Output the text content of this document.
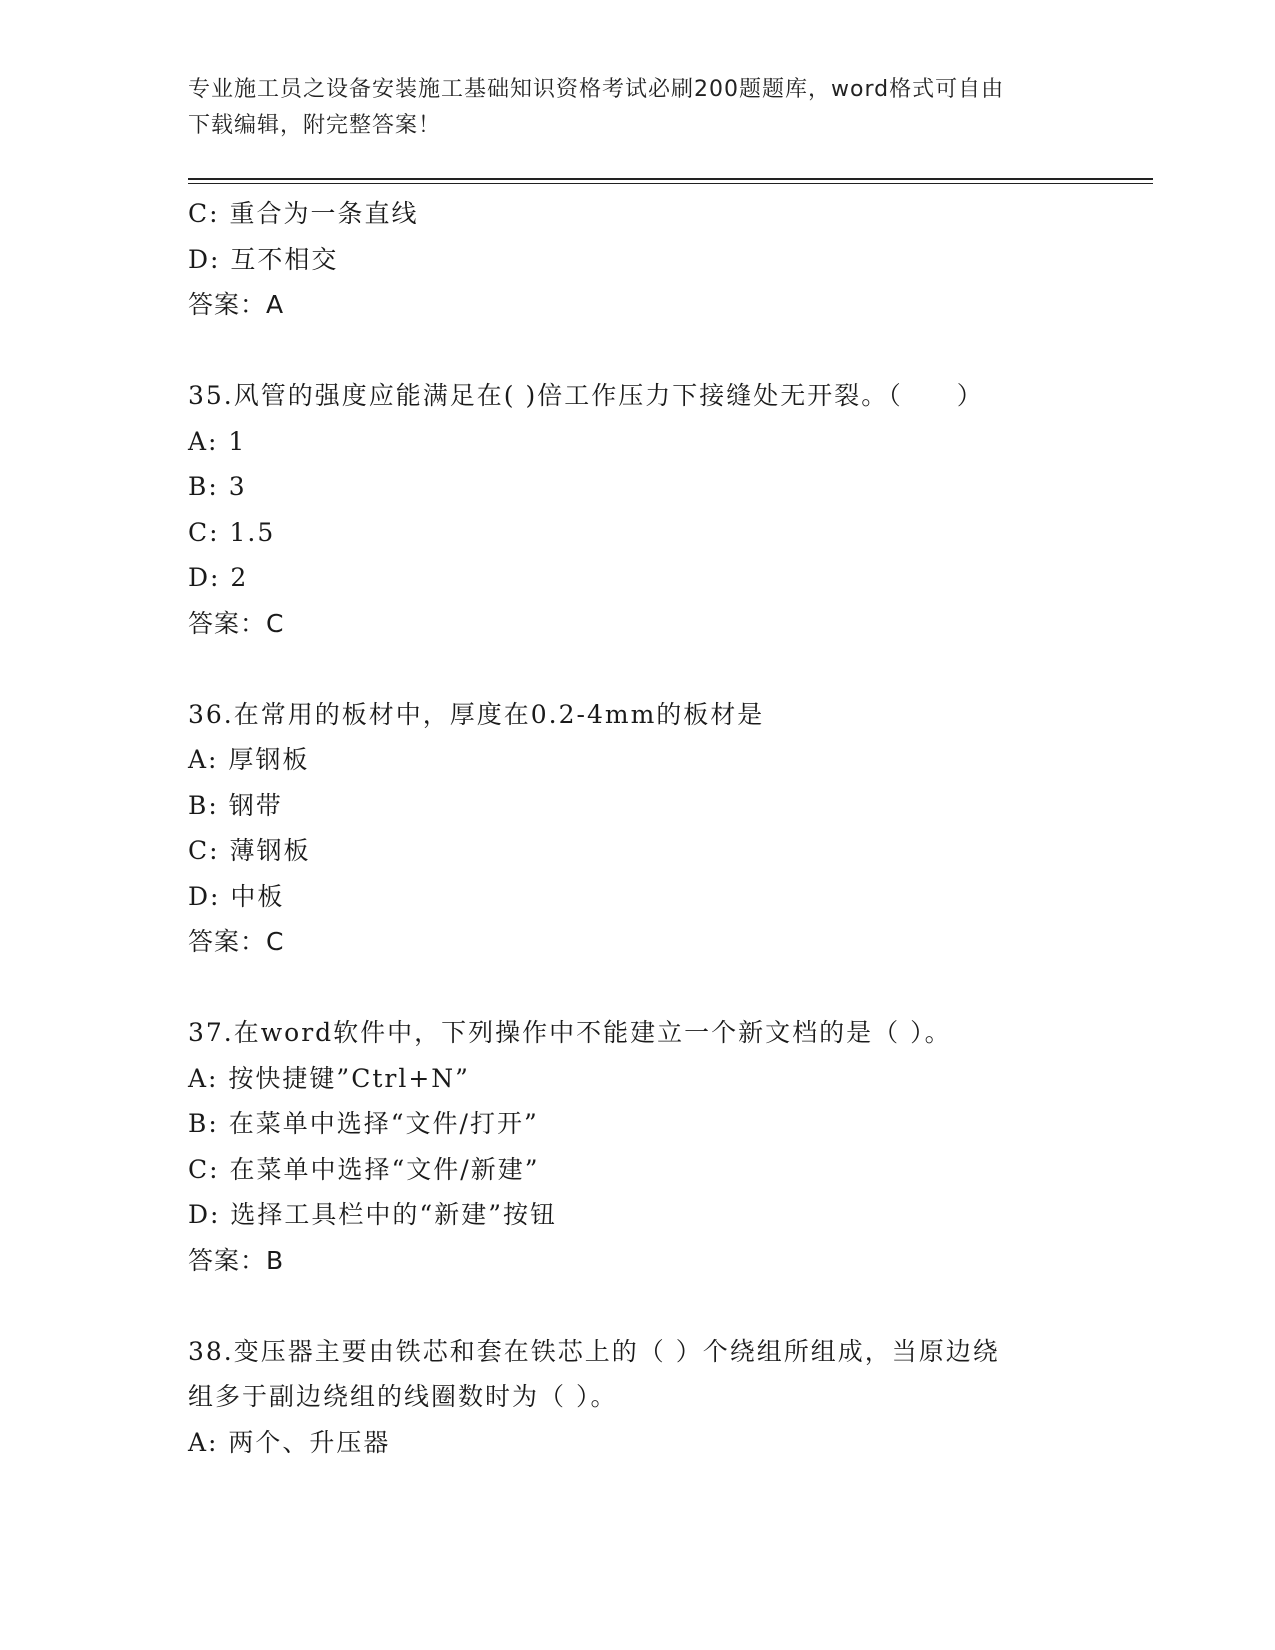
专业施工员之设备安装施工基础知识资格考试必刷200题题库，word格式可自由
下载编辑，附完整答案！
C: 重合为一条直线
D: 互不相交
答案：A
35.风管的强度应能满足在( )倍工作压力下接缝处无开裂。（　　）
A: 1
B: 3
C: 1.5
D: 2
答案：C
36.在常用的板材中，厚度在0.2-4mm的板材是
A: 厚钢板
B: 钢带
C: 薄钢板
D: 中板
答案：C
37.在word软件中，下列操作中不能建立一个新文档的是（ ）。
A: 按快捷键”Ctrl+N”
B: 在菜单中选择“文件/打开”
C: 在菜单中选择“文件/新建”
D: 选择工具栏中的“新建”按钮
答案：B
38.变压器主要由铁芯和套在铁芯上的（ ）个绕组所组成，当原边绕
组多于副边绕组的线圈数时为（ ）。
A: 两个、升压器
